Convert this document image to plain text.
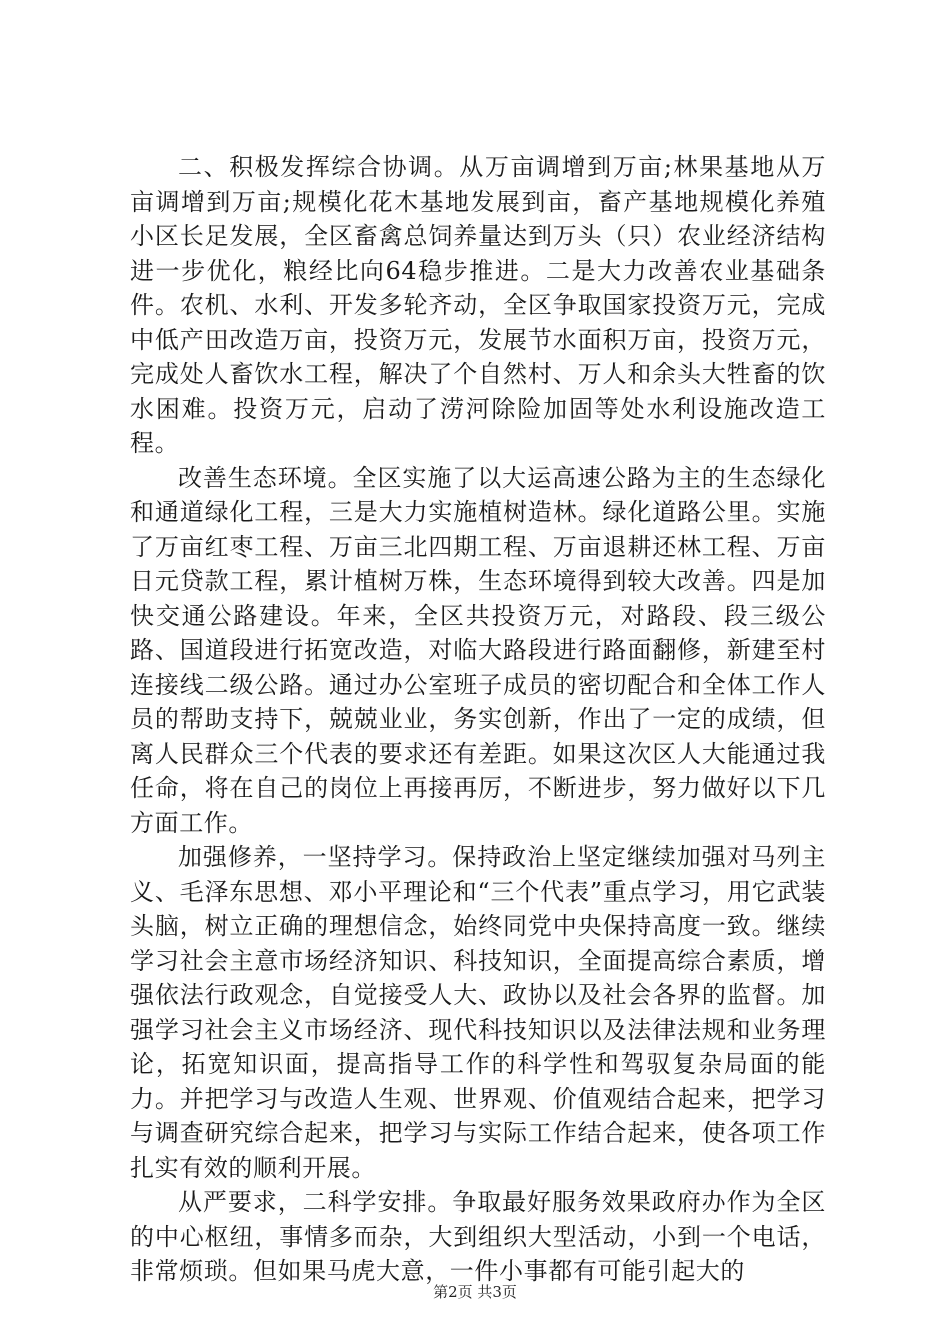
二、积极发挥综合协调。从万亩调增到万亩;林果基地从万亩调增到万亩;规模化花木基地发展到亩，畜产基地规模化养殖小区长足发展，全区畜禽总饲养量达到万头（只）农业经济结构进一步优化，粮经比向64稳步推进。二是大力改善农业基础条件。农机、水利、开发多轮齐动，全区争取国家投资万元，完成中低产田改造万亩，投资万元，发展节水面积万亩，投资万元，完成处人畜饮水工程，解决了个自然村、万人和余头大牲畜的饮水困难。投资万元，启动了涝河除险加固等处水利设施改造工程。

改善生态环境。全区实施了以大运高速公路为主的生态绿化和通道绿化工程，三是大力实施植树造林。绿化道路公里。实施了万亩红枣工程、万亩三北四期工程、万亩退耕还林工程、万亩日元贷款工程，累计植树万株，生态环境得到较大改善。四是加快交通公路建设。年来，全区共投资万元，对路段、段三级公路、国道段进行拓宽改造，对临大路段进行路面翻修，新建至村连接线二级公路。通过办公室班子成员的密切配合和全体工作人员的帮助支持下，兢兢业业，务实创新，作出了一定的成绩，但离人民群众三个代表的要求还有差距。如果这次区人大能通过我任命，将在自己的岗位上再接再厉，不断进步，努力做好以下几方面工作。

加强修养，一坚持学习。保持政治上坚定继续加强对马列主义、毛泽东思想、邓小平理论和“三个代表”重点学习，用它武装头脑，树立正确的理想信念，始终同党中央保持高度一致。继续学习社会主意市场经济知识、科技知识，全面提高综合素质，增强依法行政观念，自觉接受人大、政协以及社会各界的监督。加强学习社会主义市场经济、现代科技知识以及法律法规和业务理论，拓宽知识面，提高指导工作的科学性和驾驭复杂局面的能力。并把学习与改造人生观、世界观、价值观结合起来，把学习与调查研究综合起来，把学习与实际工作结合起来，使各项工作扎实有效的顺利开展。

从严要求，二科学安排。争取最好服务效果政府办作为全区的中心枢纽，事情多而杂，大到组织大型活动，小到一个电话，非常烦琐。但如果马虎大意，一件小事都有可能引起大的

第2页 共3页
